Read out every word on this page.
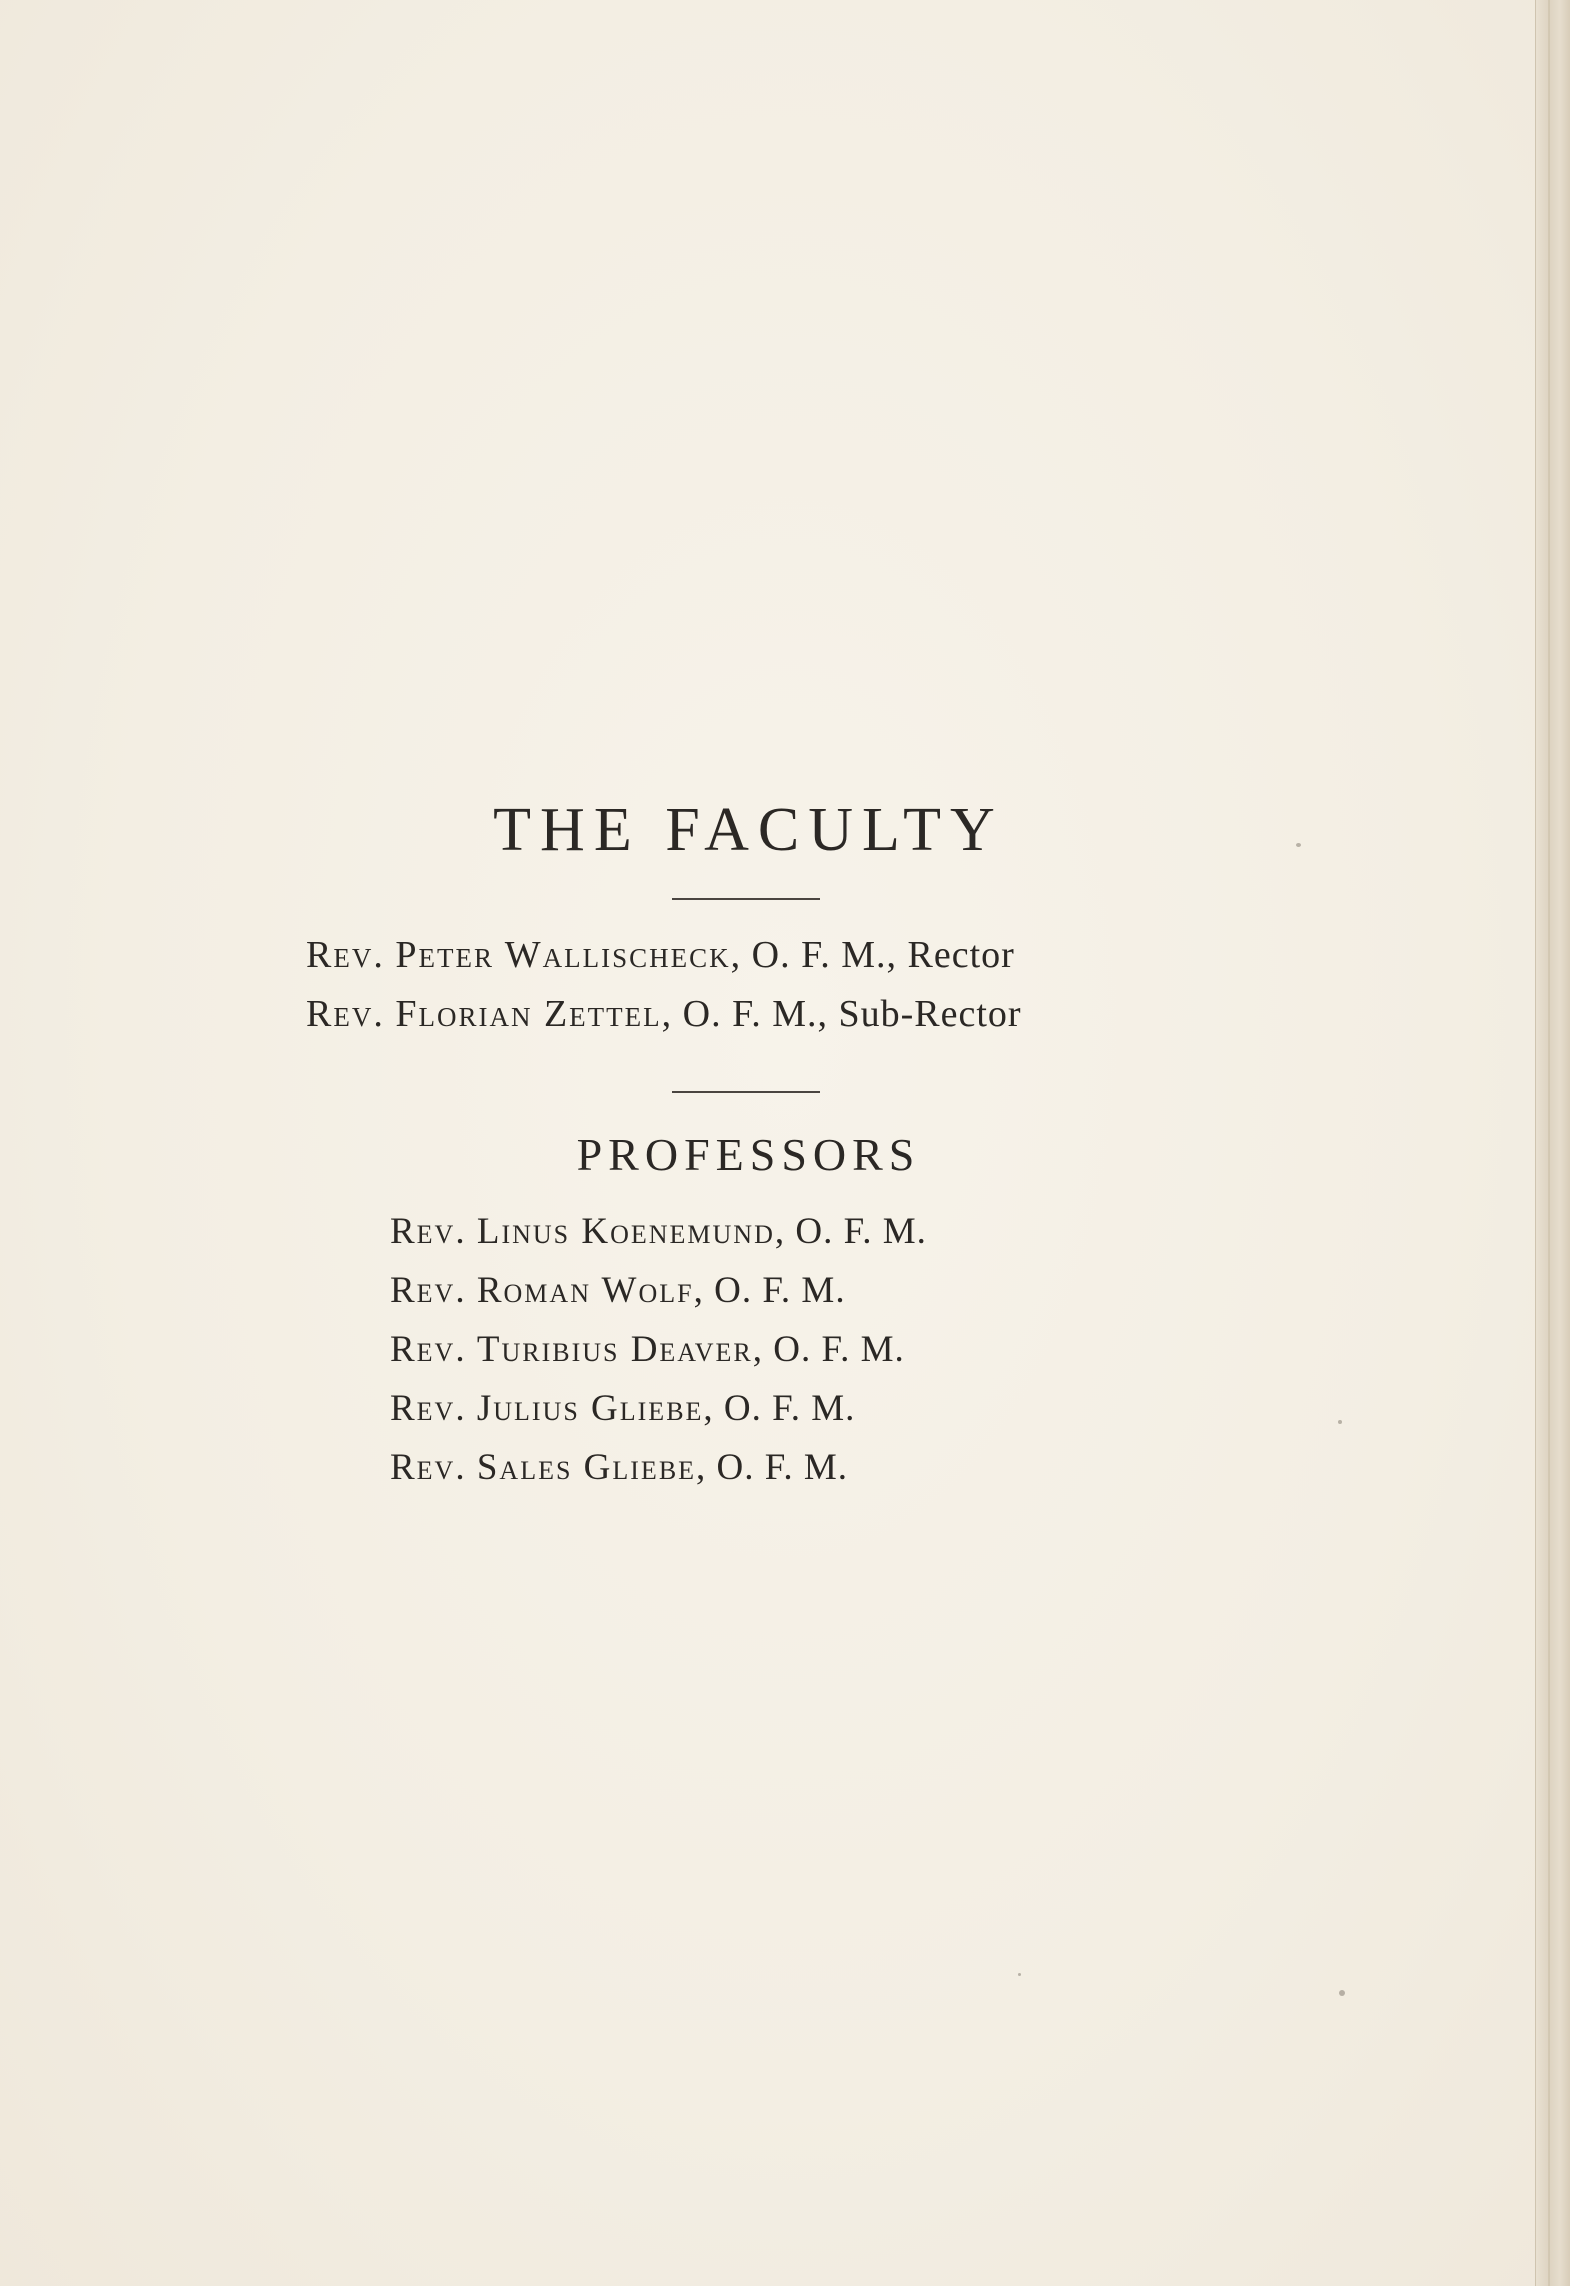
THE FACULTY
Rev. Peter Wallischeck, O. F. M., Rector
Rev. Florian Zettel, O. F. M., Sub-Rector
PROFESSORS
Rev. Linus Koenemund, O. F. M.
Rev. Roman Wolf, O. F. M.
Rev. Turibius Deaver, O. F. M.
Rev. Julius Gliebe, O. F. M.
Rev. Sales Gliebe, O. F. M.
